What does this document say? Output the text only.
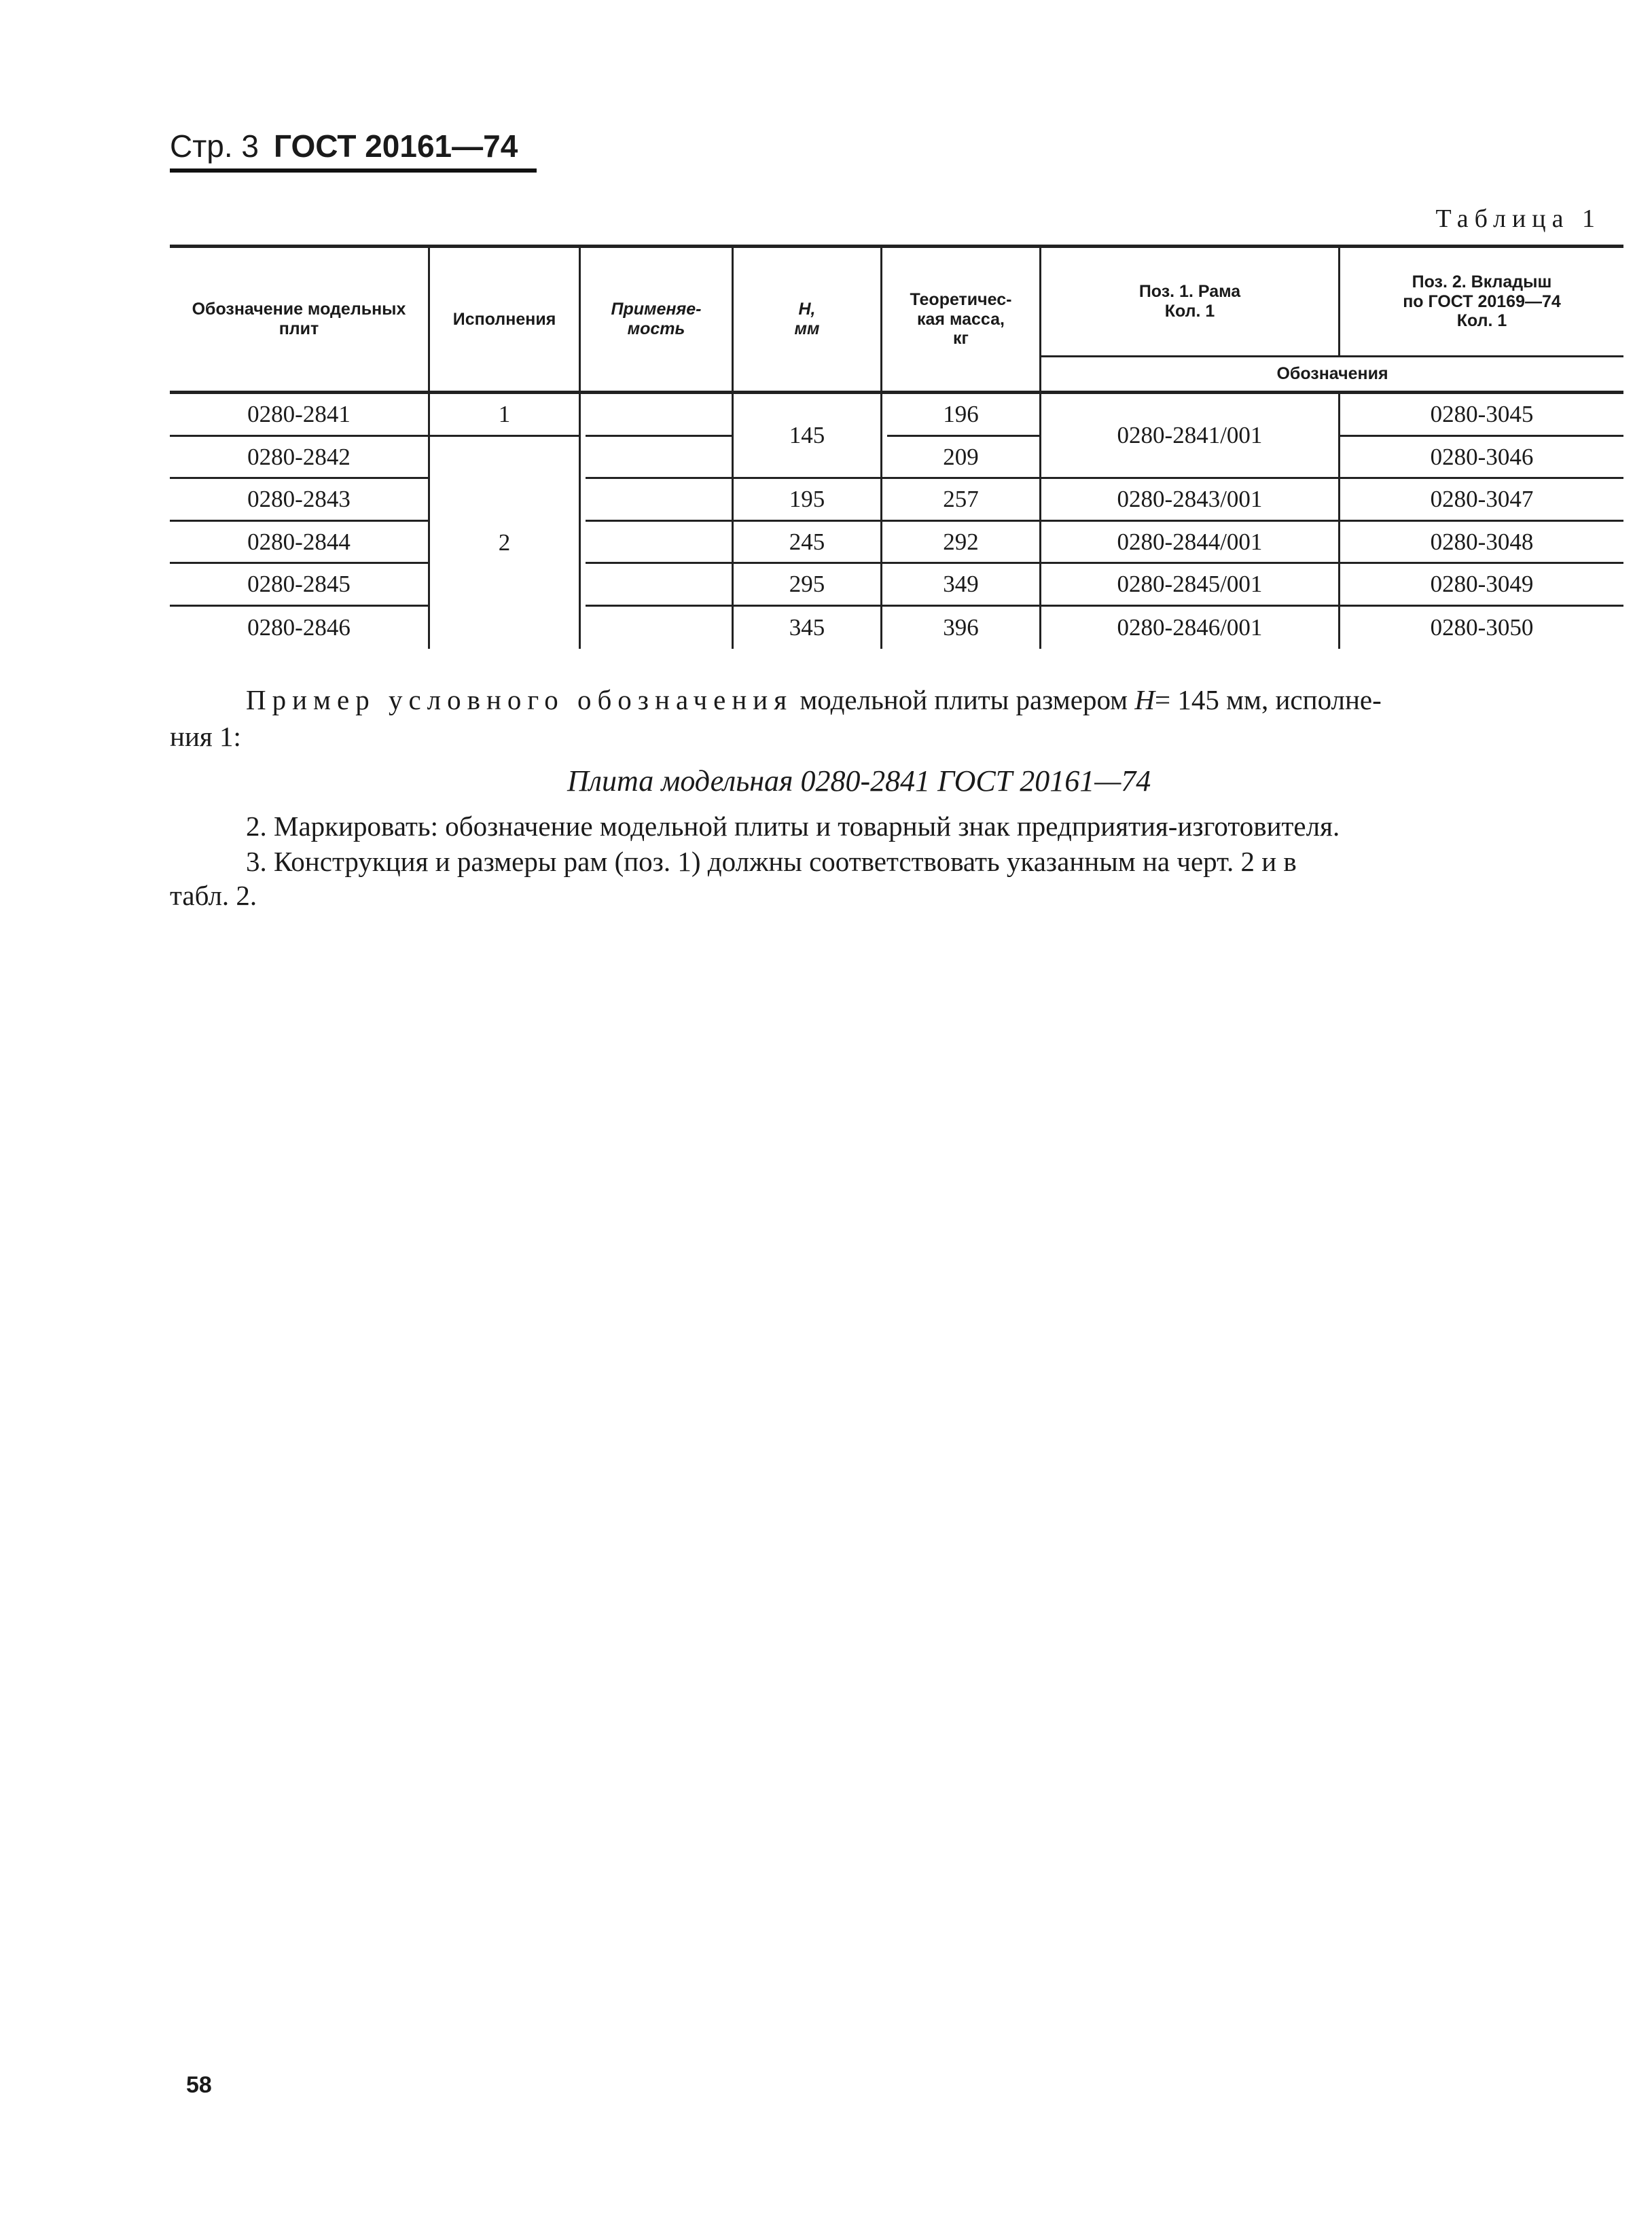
Стр. 3 ГОСТ 20161—74
Таблица 1
Обозначение модельных
плит
Исполнения
Применяе-
мость
H,
мм
Теоретичес-
кая масса,
кг
Поз. 1. Рама
Кол. 1
Поз. 2. Вкладыш
по ГОСТ 20169—74
Кол. 1
Обозначения
0280-2841
0280-2842
0280-2843
0280-2844
0280-2845
0280-2846
1
2
145
195
245
295
345
196
209
257
292
349
396
0280-2841/001
0280-2843/001
0280-2844/001
0280-2845/001
0280-2846/001
0280-3045
0280-3046
0280-3047
0280-3048
0280-3049
0280-3050
Пример условного обозначения модельной плиты размером H= 145 мм, исполне-
ния 1:
Плита модельная 0280-2841 ГОСТ 20161—74
2. Маркировать: обозначение модельной плиты и товарный знак предприятия-изготовителя.
3. Конструкция и размеры рам (поз. 1) должны соответствовать указанным на черт. 2 и в
табл. 2.
58
